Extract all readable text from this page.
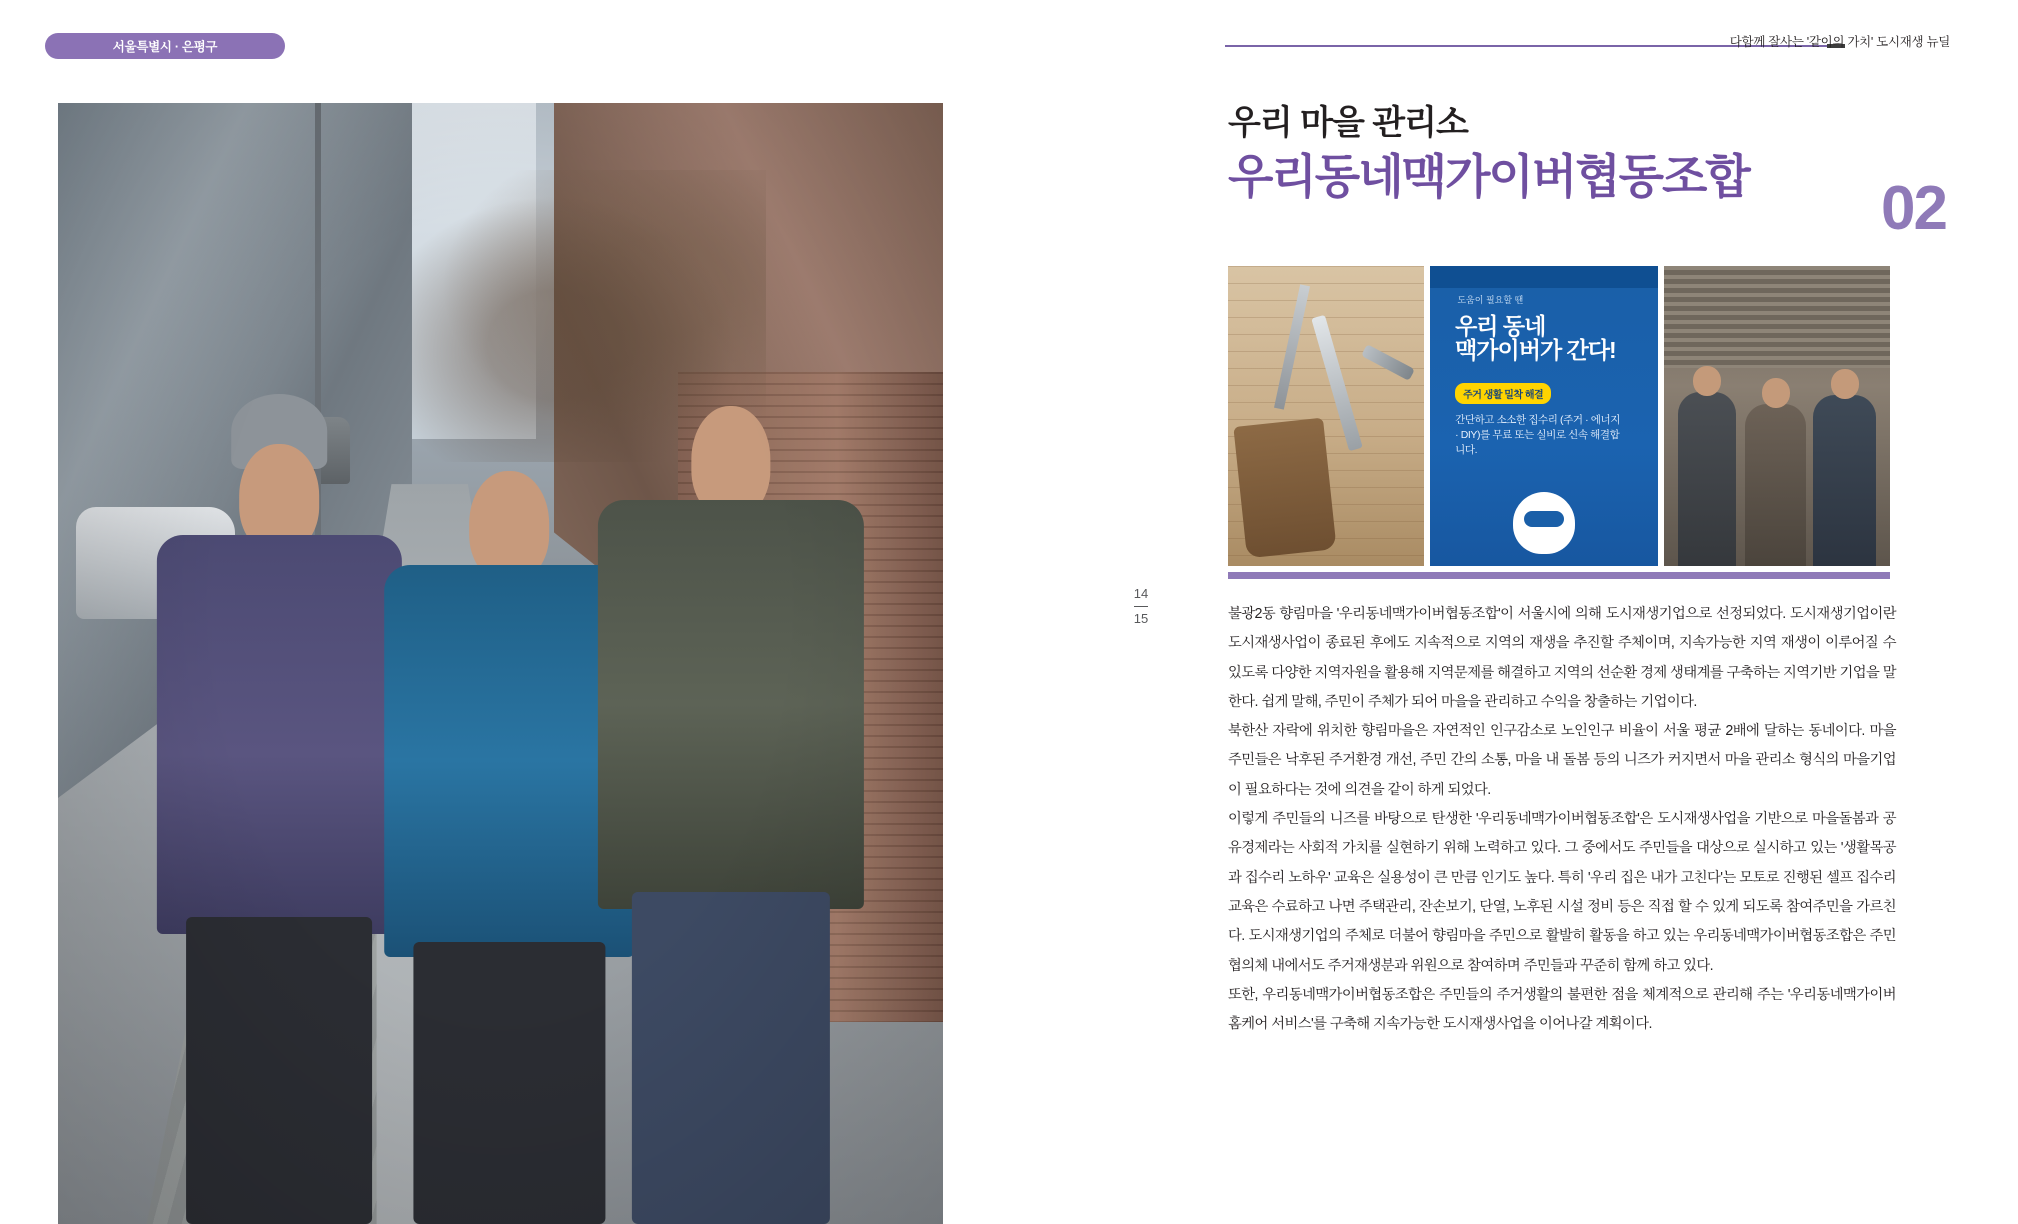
서울특별시 · 은평구
14
15
다함께 잘사는 '같이의 가치' 도시재생 뉴딜
우리 마을 관리소
우리동네맥가이버협동조합 02
도움이 필요할 땐
우리 동네
맥가이버가 간다!
주거 생활 밀착 해결
간단하고 소소한 집수리 (주거 · 에너지 · DIY)를 무료 또는 실비로 신속 해결합니다.

불광2동 향림마을 '우리동네맥가이버협동조합'이 서울시에 의해 도시재생기업으로 선정되었다. 도시재생기업이란 도시재생사업이 종료된 후에도 지속적으로 지역의 재생을 추진할 주체이며, 지속가능한 지역 재생이 이루어질 수 있도록 다양한 지역자원을 활용해 지역문제를 해결하고 지역의 선순환 경제 생태계를 구축하는 지역기반 기업을 말한다. 쉽게 말해, 주민이 주체가 되어 마을을 관리하고 수익을 창출하는 기업이다.

북한산 자락에 위치한 향림마을은 자연적인 인구감소로 노인인구 비율이 서울 평균 2배에 달하는 동네이다. 마을 주민들은 낙후된 주거환경 개선, 주민 간의 소통, 마을 내 돌봄 등의 니즈가 커지면서 마을 관리소 형식의 마을기업이 필요하다는 것에 의견을 같이 하게 되었다.

이렇게 주민들의 니즈를 바탕으로 탄생한 '우리동네맥가이버협동조합'은 도시재생사업을 기반으로 마을돌봄과 공유경제라는 사회적 가치를 실현하기 위해 노력하고 있다. 그 중에서도 주민들을 대상으로 실시하고 있는 '생활목공과 집수리 노하우' 교육은 실용성이 큰 만큼 인기도 높다. 특히 '우리 집은 내가 고친다'는 모토로 진행된 셀프 집수리 교육은 수료하고 나면 주택관리, 잔손보기, 단열, 노후된 시설 정비 등은 직접 할 수 있게 되도록 참여주민을 가르친다. 도시재생기업의 주체로 더불어 향림마을 주민으로 활발히 활동을 하고 있는 우리동네맥가이버협동조합은 주민협의체 내에서도 주거재생분과 위원으로 참여하며 주민들과 꾸준히 함께 하고 있다.

또한, 우리동네맥가이버협동조합은 주민들의 주거생활의 불편한 점을 체계적으로 관리해 주는 '우리동네맥가이버 홈케어 서비스'를 구축해 지속가능한 도시재생사업을 이어나갈 계획이다.
